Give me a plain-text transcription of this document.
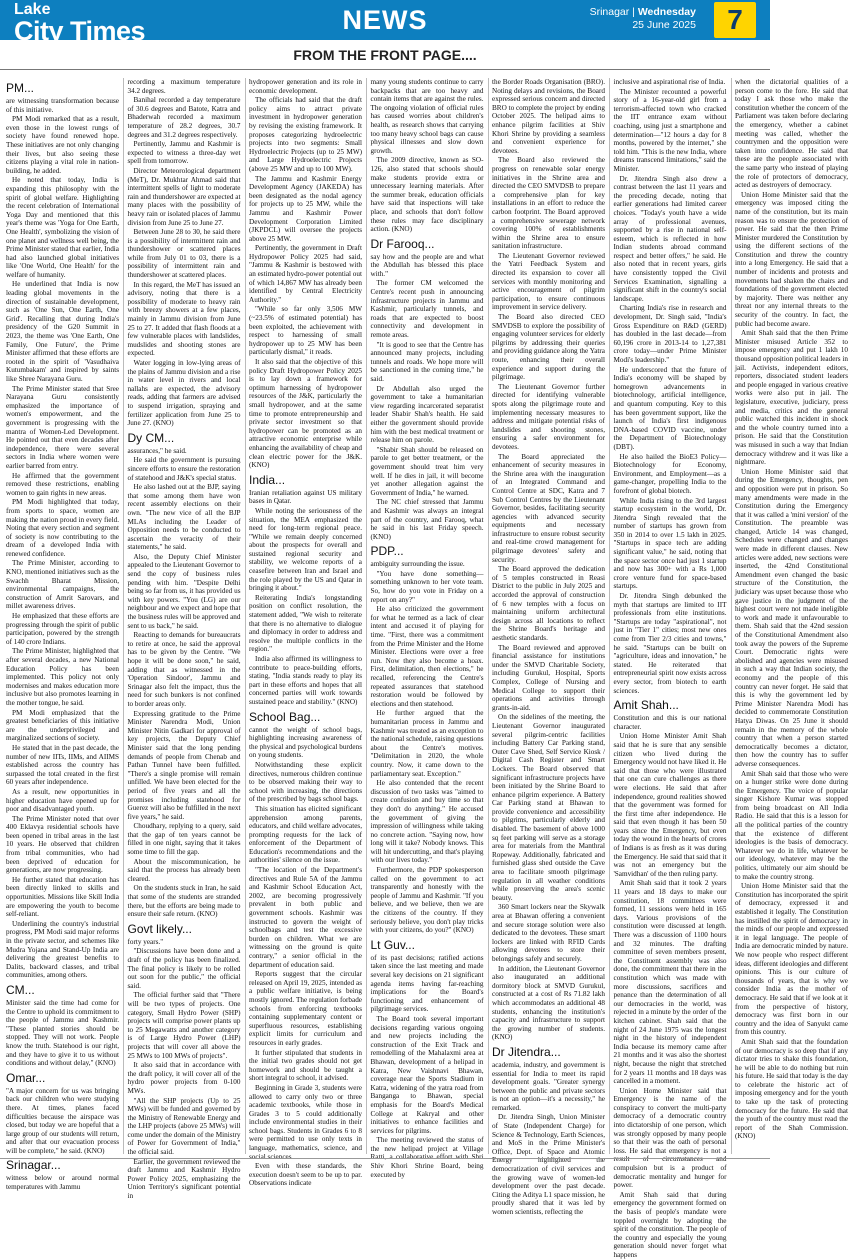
Lake
City Times	NEWS	Srinagar | Wednesday
25 June 2025	7
FROM THE FRONT PAGE....
PM...

are witnessing transformation because of this initiative.

PM Modi remarked that as a result, even those in the lowest rungs of society have found renewed hope. These initiatives are not only changing their lives, but also seeing these citizens playing a vital role in nation-building, he added.

He noted that today, India is expanding this philosophy with the spirit of global welfare. Highlighting the recent celebration of International Yoga Day and mentioned that this year's theme was 'Yoga for One Earth, One Health', symbolizing the vision of one planet and wellness well being, the Prime Minister stated that earlier, India had also launched global initiatives like 'One World, One Health' for the welfare of humanity.

He underlined that India is now leading global movements in the direction of sustainable development, such as 'One Sun, One Earth, One Grid'. Recalling that during India's presidency of the G20 Summit in 2023, the theme was 'One Earth, One Family, One Future', the Prime Minister affirmed that these efforts are rooted in the spirit of 'Vasudhaiva Kutumbakam' and inspired by saints like Shree Narayana Guru.

The Prime Minister stated that Sree Narayana Guru consistently emphasized the importance of women's empowerment, and the government is progressing with the mantra of Women-Led Development. He pointed out that even decades after independence, there were several sectors in India where women were earlier barred from entry.

He affirmed that the government removed these restrictions, enabling women to gain rights in new areas.

PM Modi highlighted that today, from sports to space, women are making the nation proud in every field. Noting that every section and segment of society is now contributing to the dream of a developed India with renewed confidence.

The Prime Minister, according to KNO, mentioned initiatives such as the Swachh Bharat Mission, environmental campaigns, the construction of Amrit Sarovars, and millet awareness drives.

He emphasized that these efforts are progressing through the spirit of public participation, powered by the strength of 140 crore Indians.

The Prime Minister, highlighted that after several decades, a new National Education Policy has been implemented. This policy not only modernises and makes education more inclusive but also promotes learning in the mother tongue, he said.

PM Modi emphasized that the greatest beneficiaries of this initiative are the underprivileged and marginalized sections of society.

He stated that in the past decade, the number of new IITs, IIMs, and AIIMS established across the country has surpassed the total created in the first 60 years after independence.

As a result, new opportunities in higher education have opened up for poor and disadvantaged youth.

The Prime Minister noted that over 400 Eklavya residential schools have been opened in tribal areas in the last 10 years. He observed that children from tribal communities, who had been deprived of education for generations, are now progressing.

He further stated that education has been directly linked to skills and opportunities. Missions like Skill India are empowering the youth to become self-reliant.

Underlining the country's industrial progress, PM Modi said major reforms in the private sector, and schemes like Mudra Yojana and Stand-Up India are delivering the greatest benefits to Dalits, backward classes, and tribal communities, among others.

CM...

Minister said the time had come for the Centre to uphold its commitment to the people of Jammu and Kashmir. "These planted stories should be stopped. They will not work. People know the truth. Statehood is our right, and they have to give it to us without conditions and without delay," (KNO)

Omar...

"A major concern for us was bringing back our children who were studying there. At times, planes faced difficulties because the airspace was closed, but today we are hopeful that a large group of our students will return, and after that our evacuation process will be complete," he said. (KNO)

Srinagar...

witness below or around normal temperatures with Jammu

recording a maximum temperature 34.2 degrees.

Banihal recorded a day temperature of 30.6 degrees and Batote, Katra and Bhaderwah recorded a maximum temperature of 28.2 degrees, 30.7 degrees and 31.2 degrees respectively.

Pertinently, Jammu and Kashmir is expected to witness a three-day wet spell from tomorrow.

Director Meteorological department (MeT), Dr. Mukhtar Ahmad said that intermittent spells of light to moderate rain and thundershower are expected at many places with the possibility of heavy rain or isolated places of Jammu division from June 25 to June 27.

Between June 28 to 30, he said there is a possibility of intermittent rain and thundershower or scattered places while from July 01 to 03, there is a possibility of intermittent rain and thundershower at scattered places.

In this regard, the MeT has issued an advisory, noting that there is a possibility of moderate to heavy rain with breezy showers at a few places, mainly in Jammu division from June 25 to 27. It added that flash floods at a few vulnerable places with landslides, mudslides and shooting stones are expected.

Water logging in low-lying areas of the plains of Jammu division and a rise in water level in rivers and local nallahs are expected, the advisory reads, adding that farmers are advised to suspend irrigation, spraying and fertilizer application from June 25 to June 27. (KNO)

Dy CM...

assurances," he said.

He said the government is pursuing sincere efforts to ensure the restoration of statehood and J&K's special status.

He also lashed out at the BJP, saying that some among them have won recent assembly elections on their own. "The new vice of all the BJP MLAs including the Leader of Opposition needs to be conducted to ascertain the veracity of their statements," he said.

Also, the Deputy Chief Minister appealed to the Lieutenant Governor to send the copy of business rules pending with him. "Despite Delhi being so far from us, it has provided us with key powers. "You (LG) are our neighbour and we expect and hope that the business rules will be approved and sent to us back," he said.

Reacting to demands for bureaucrats to retire at once, he said the approval has to be given by the Centre. "We hope it will be done soon," he said, adding that as witnessed in the 'Operation Sindoor', Jammu and Srinagar also felt the impact, thus the need for such bunkers is not confined to border areas only.

Expressing gratitude to the Prime Minister Narendra Modi, Union Minister Nitin Gadkari for approval of key projects, the Deputy Chief Minister said that the long pending demands of people from Chenab and Pathan Tunnel have been fulfilled. "There's a single promise will remain unfilled. We have been elected for the period of five years and all the promises including statehood for Guerez will also be fulfilled in the next five years," he said.

Choudhary, replying to a query, said that the gap of ten years cannot be filled in one night, saying that it takes some time to fill the gap.

About the miscommunication, he said that the process has already been cleared.

On the students stuck in Iran, he said that some of the students are stranded there, but the efforts are being made to ensure their safe return. (KNO)

Govt likely...

forty years."

"Discussions have been done and a draft of the policy has been finalized. The final policy is likely to be rolled out soon for the public," the official said.

The official further said that "There will be two types of projects. One category, Small Hydro Power (SHP) projects will comprise power plants up to 25 Megawatts and another category is of Large Hydro Power (LHP) projects that will cover all above the 25 MWs to 100 MWs of projects".

It also said that in accordance with the draft policy, it will cover all of the hydro power projects from 0-100 MWs.

"All the SHP projects (Up to 25 MWs) will be funded and governed by the Ministry of Renewable Energy and the LHP projects (above 25 MWs) will come under the domain of the Ministry of Power for Government of India," the official said.

Earlier, the government reviewed the draft Jammu and Kashmir Hydro Power Policy 2025, emphasizing the Union Territory's significant potential in

hydropower generation and its role in economic development.

The officials had said that the draft policy aims to attract private investment in hydropower generation by revising the existing framework. It proposes categorizing hydroelectric projects into two segments: Small Hydroelectric Projects (up to 25 MW) and Large Hydroelectric Projects (above 25 MW and up to 100 MW).

The Jammu and Kashmir Energy Development Agency (JAKEDA) has been designated as the nodal agency for projects up to 25 MW, while the Jammu and Kashmir Power Development Corporation Limited (JKPDCL) will oversee the projects above 25 MW.

Pertinently, the government in Draft Hydropower Policy 2025 had said, "Jammu & Kashmir is bestowed with an estimated hydro-power potential out of which 14,867 MW has already been identified by Central Electricity Authority."

"While so far only 3,506 MW (~23.5% of estimated potential) has been exploited, the achievement with respect to harnessing of small hydropower up to 25 MW has been particularly dismal," it reads.

It also said that the objective of this policy Draft Hydropower Policy 2025 is to lay down a framework for optimum harnessing of hydropower resources of the J&K, particularly the small hydropower, and at the same time to promote entrepreneurship and private sector investment so that hydropower can be promoted as an attractive economic enterprise while enhancing the availability of cheap and clean electric power for the J&K. (KNO)

India...

Iranian retaliation against US military bases in Qatar.

While noting the seriousness of the situation, the MEA emphasized the need for long-term regional peace. "While we remain deeply concerned about the prospects for overall and sustained regional security and stability, we welcome reports of a ceasefire between Iran and Israel and the role played by the US and Qatar in bringing it about."

Reiterating India's longstanding position on conflict resolution, the statement added, "We wish to reiterate that there is no alternative to dialogue and diplomacy in order to address and resolve the multiple conflicts in the region."

India also affirmed its willingness to contribute to peace-building efforts, stating, "India stands ready to play its part in these efforts and hopes that all concerned parties will work towards sustained peace and stability." (KNO)

School Bag...

cannot the weight of school bags, highlighting increasing awareness of the physical and psychological burdens on young students.

Notwithstanding these explicit directives, numerous children continue to be observed making their way to school with increasing, the directions of the prescribed by bags school bags.

This situation has elicited significant apprehension among parents, educators, and child welfare advocates, prompting requests for the lack of enforcement of the Department of Education's recommendations and the authorities' silence on the issue.

"The location of the Department's directives and Rule 5A of the Jammu and Kashmir School Education Act, 2002, are becoming progressively prevalent in both public and government schools. Kashmir was instructed to govern the weight of schoolbags and test the excessive burden on children. What we are witnessing on the ground is quite contrary," a senior official in the department of education said.

Reports suggest that the circular released on April 19, 2025, intended as a public welfare initiative, is being mostly ignored. The regulation forbade schools from enforcing textbooks containing supplementary content or superfluous resources, establishing explicit limits for curriculum and resources in early grades.

It further stipulated that students in the initial two grades should not get homework and should be taught a short integral to school, it advised.

Beginning in Grade 3, students were allowed to carry only two or three academic textbooks, while those in Grades 3 to 5 could additionally include environmental studies in their school bags. Students in Grades 6 to 8 were permitted to use only texts in language, mathematics, science, and social sciences.

Even with these standards, the execution doesn't seem to be up to par. Observations indicate

many young students continue to carry backpacks that are too heavy and contain items that are against the rules. The ongoing violation of official rules has caused worries about children's health, as research shows that carrying too many heavy school bags can cause physical illnesses and slow down growth.

The 2009 directive, known as SO-126, also stated that schools should make students provide extra or unnecessary learning materials. After the summer break, education officials have said that inspections will take place, and schools that don't follow these rules may face disciplinary action. (KNO)

Dr Farooq...

say how and the people are and what the Abdullah has blessed this place with."

The former CM welcomed the Centre's recent push in announcing infrastructure projects in Jammu and Kashmir, particularly tunnels, and roads that are expected to boost connectivity and development in remote areas.

"It is good to see that the Centre has announced many projects, including tunnels and roads. We hope more will be sanctioned in the coming time," he said.

Dr Abdullah also urged the government to take a humanitarian view regarding incarcerated separatist leader Shabir Shah's health. He said either the government should provide him with the best medical treatment or release him on parole.

"Shabir Shah should be released on parole to get better treatment, or the government should treat him very well. If he dies in jail, it will become yet another allegation against the Government of India," he warned.

The NC chief stressed that Jammu and Kashmir was always an integral part of the country, and Farooq, what he said in his last Friday speech. (KNO)

PDP...

ambiguity surrounding the issue.

"You have done something—something unknown to her vote team. So, how do you vote in Friday on a report on any?"

He also criticized the government for what he termed as a lack of clear intent and accused it of playing for time. "First, there was a commitment from the Prime Minister and the Home Minister. Elections were over a free run. Now they also become a hoax. First, delimitation, then elections," he recalled, referencing the Centre's repeated assurances that statehood restoration would be followed by elections and then statehood.

He further argued that the humanitarian process in Jammu and Kashmir was treated as an exception to the national schedule, raising questions about the Centre's motives. "Delimitation in 2020, the whole country. Now, it came down to the parliamentary seat. Exception."

He also contended that the recent discussion of two tasks was "aimed to create confusion and buy time so that they don't do anything." He accused the government of giving the impression of willingness while taking no concrete action. "Saying now, how long will it take? Nobody knows. This will hit undercutting, and that's playing with our lives today."

Furthermore, the PDP spokesperson called on the government to act transparently and honestly with the people of Jammu and Kashmir. "If you believe, and we believe, then we are the citizens of the country. If they seriously believe, you don't play tricks with your citizens, do you?" (KNO)

Lt Guv...

of its past decisions; ratified actions taken since the last meeting and made several key decisions on 21 significant agenda items having far-reaching implications for the Board's functioning and enhancement of pilgrimage services.

The Board took several important decisions regarding various ongoing and new projects including the construction of the Exit Track and remodelling of the Mahalaxmi area at Bhawan, development of a helipad in Katra, New Vaishnavi Bhawan, coverage near the Sports Stadium in Katra, widening of the yatra road from Banganga to Bhawan, special emphasis for the Board's Medical College at Kakryal and other initiatives to enhance facilities and services for pilgrims.

The meeting reviewed the status of the new helipad project at Village Ratti, a collaborative effort with Shri Shiv Khori Shrine Board, being executed by

the Border Roads Organisation (BRO). Noting delays and revisions, the Board expressed serious concern and directed BRO to complete the project by ending October 2025. The helipad aims to enhance pilgrim facilities at Shiv Khori Shrine by providing a seamless and convenient experience for devotees.

The Board also reviewed the progress on renewable solar energy initiatives in the Shrine area and directed the CEO SMVDSB to prepare a comprehensive plan for key installations in an effort to reduce the carbon footprint. The Board approved a comprehensive sewerage network covering 100% of establishments within the Shrine area to ensure sanitation infrastructure.

The Lieutenant Governor reviewed the Yatri Feedback System and directed its expansion to cover all services with monthly monitoring and active encouragement of pilgrim participation, to ensure continuous improvement in service delivery.

The Board also directed CEO SMVDSB to explore the possibility of engaging volunteer services for elderly pilgrims by addressing their queries and providing guidance along the Yatra route, enhancing their overall experience and support during the pilgrimage.

The Lieutenant Governor further directed for identifying vulnerable spots along the pilgrimage route and implementing necessary measures to address and mitigate potential risks of landslides and shooting stones, ensuring a safer environment for devotees.

The Board appreciated the enhancement of security measures in the Shrine area with the inauguration of an Integrated Command and Control Centre at SDC, Katra and 7 Sub Control Centres by the Lieutenant Governor, besides, facilitating security agencies with advanced security equipments and necessary infrastructure to ensure robust security and real-time crowd management for pilgrimage devotees' safety and security.

The Board approved the dedication of 5 temples constructed in Reasi District to the public in July 2025 and accorded the approval of construction of 6 new temples with a focus on maintaining uniform architectural design across all locations to reflect the Shrine Board's heritage and aesthetic standards.

The Board reviewed and approved financial assistance for institutions under the SMVD Charitable Society, including Gurukul, Hospital, Sports Complex, College of Nursing and Medical College to support their operations and activities through grants-in-aid.

On the sidelines of the meeting, the Lieutenant Governor inaugurated several pilgrim-centric facilities including Battery Car Parking stand, Outer Cave Shed, Self Service Kiosk / Digital Cash Register and Smart Lockers. The Board observed that significant infrastructure projects have been initiated by the Shrine Board to enhance pilgrim experience. A Battery Car Parking stand at Bhawan to provide convenience and accessibility to pilgrims, particularly elderly and disabled. The basement of above 1000 sq feet parking will serve as a storage area for materials from the Manthral Ropeway. Additionally, fabricated and furnished glass shed outside the Cave area to facilitate smooth pilgrimage regulation in all weather conditions while preserving the area's scenic beauty.

360 Smart lockers near the Skywalk area at Bhawan offering a convenient and secure storage solution were also dedicated to the devotees. These smart lockers are linked with RFID Cards allowing devotees to store their belongings safely and securely.

In addition, the Lieutenant Governor also inaugurated an additional dormitory block at SMVD Gurukul, constructed at a cost of Rs 71.82 lakh which accommodates an additional 48 students, enhancing the institution's capacity and infrastructure to support the growing number of students. (KNO)

Dr Jitendra...

academia, industry, and government is essential for India to meet its rapid development goals. "Greater synergy between the public and private sectors is not an option—it's a necessity," he remarked.

Dr. Jitendra Singh, Union Minister of State (Independent Charge) for Science & Technology, Earth Sciences, and MoS in the Prime Minister's Office, Dept. of Space and Atomic Energy highlighted the democratization of civil services and the growing wave of women-led development over the past decade. Citing the Aditya L1 space mission, he proudly shared that it was led by women scientists, reflecting the

inclusive and aspirational rise of India.

The Minister recounted a powerful story of a 16-year-old girl from a terrorism-affected town who cracked the IIT entrance exam without coaching, using just a smartphone and determination—"12 hours a day for 8 months, powered by the internet," she told him. "This is the new India, where dreams transcend limitations," said the Minister.

Dr. Jitendra Singh also drew a contrast between the last 11 years and the preceding decade, noting that earlier generations had limited career choices. "Today's youth have a wide array of professional avenues, supported by a rise in national self-esteem, which is reflected in how Indian students abroad command respect and better offers," he said. He also noted that in recent years, girls have consistently topped the Civil Services Examination, signalling a significant shift in the country's social landscape.

Charting India's rise in research and development, Dr. Singh said, "India's Gross Expenditure on R&D (GERD) has doubled in the last decade—from 60,196 crore in 2013-14 to 1,27,381 crore today—under Prime Minister Modi's leadership."

He underscored that the future of India's economy will be shaped by homegrown advancements in biotechnology, artificial intelligence, and quantum computing. Key to this has been government support, like the launch of India's first indigenous DNA-based COVID vaccine, under the Department of Biotechnology (DBT).

He also hailed the BioE3 Policy—Biotechnology for Economy, Environment, and Employment—as a game-changer, propelling India to the forefront of global biotech.

While India rising to the 3rd largest startup ecosystem in the world, Dr. Jitendra Singh revealed that the number of startups has grown from 350 in 2014 to over 1.5 lakh in 2025. "Startups in space tech are adding significant value," he said, noting that the space sector once had just 1 startup and now has 300+ with a Rs 1,000 crore venture fund for space-based startups.

Dr. Jitendra Singh debunked the myth that startups are limited to IIT professionals from elite institutions. "Startups are today "aspirational", not just in "Tier 1" cities; most new ones come from Tier 2/3 cities and towns," he said. "Startups can be built on "agriculture, ideas and innovation," he stated. He reiterated that entrepreneurial spirit now exists across every sector, from biotech to earth sciences.

Amit Shah...

Constitution and this is our national character.

Union Home Minister Amit Shah said that he is sure that any sensible citizen who lived during the Emergency would not have liked it. He said that those who were illustrated that one can cure challenges as there were elections. He said that after independence, ground realities showed that the government was formed for the first time after independence. He said that even though it has been 50 years since the Emergency, but even today the wound in the hearts of crores of Indians is as fresh as it was during the Emergency. He said that said that it was not an emergency but the 'Samvidhan' of the then ruling party.

Amit Shah said that it took 2 years 11 years and 18 days to make our constitution, 18 committees were formed, 11 sessions were held in 165 days. Various provisions of the constitution were discussed at length. There was a discussion of 1100 hours and 32 minutes. The drafting committee of seven members present, the Constituent assembly was also done, the commitment that there in the constitution which was made with more discussions, sacrifices and penance than the determination of all our democracies in the world, was rejected in a minute by the order of the kitchen cabinet. Shah said that the night of 24 June 1975 was the longest night in the history of independent India because its memory came after 21 months and it was also the shortest night, because the night that stretched for 2 years 11 months and 18 days was cancelled in a moment.

Union Home Minister said that Emergency is the name of the conspiracy to convert the multi-party democracy of a democratic country into dictatorship of one person, which was strongly opposed by many people so that their was the oath of personal loss. He said that emergency is not a result of circumstances and compulsion but is a product of democratic mentality and hunger for power.

Amit Shah said that during emergency the government formed on the basis of people's mandate were toppled overnight by adopting the spirit of the constitution. The people of the country and especially the young generation should never forget what happens

when the dictatorial qualities of a person come to the fore. He said that today I ask those who make the constitution whether the concern of the Parliament was taken before declaring the emergency, whether a cabinet meeting was called, whether the countrymen and the opposition were taken into confidence. He said that these are the people associated with the same party who instead of playing the role of protectors of democracy, acted as destroyers of democracy.

Union Home Minister said that the emergency was imposed citing the name of the constitution, but its main reason was to ensure the protection of power. He said that the then Prime Minister murdered the Constitution by using the different sections of the Constitution and threw the country into a long Emergency. He said that a number of incidents and protests and movements had shaken the chairs and foundations of the government elected by majority. There was neither any threat nor any internal threats to the security of the country. In fact, the public had become aware.

Amit Shah said that the then Prime Minister misused Article 352 to impose emergency and put 1 lakh 10 thousand opposition political leaders in jail. Activists, independent editors, reporters, dissociated student leaders and people engaged in various creative works were also put in jail. The legislature, executive, judiciary, press and media, critics and the general public watched this incident in shock and the whole country turned into a prison. He said that the Constitution was misused in such a way that Indian democracy withdrew and it was like a nightmare.

Union Home Minister said that during the Emergency, thoughts, pen and opposition were put in prison. So many amendments were made in the Constitution during the Emergency that it was called a 'mini version' of the Constitution. The preamble was changed, Article 14 was changed, Schedules were changed and changes were made in different clauses. New articles were added, new sections were inserted, the 42nd Constitutional Amendment even changed the basic structure of the Constitution, the judiciary was upset because those who gave justice in the judgment of the highest court were not made ineligible to work and made it unfavourable to them. Shah said that the 42nd session of the Constitutional Amendment also took away the powers of the Supreme Court. Democratic rights were abolished and agencies were misused in such a way that Indian society, the economy and the people of this country can never forget. He said that this is why the government led by Prime Minister Narendra Modi has decided to commemorate Constitution Hatya Diwas. On 25 June it should remain in the memory of the whole country that when a person started democratically becomes a dictator, then how the country has to suffer adverse consequences.

Amit Shah said that those who were on a hunger strike were done during the Emergency. The voice of popular singer Kishore Kumar was stopped from being broadcast on All India Radio. He said that this is a lesson for all the political parties of the country that the existence of different ideologies is the basis of democracy. Whatever we do in life, whatever be our ideology, whatever may be the politics, ultimately our aim should be to make the country strong.

Union Home Minister said that the Constitution has incorporated the spirit of democracy, expressed it and established it legally. The Constitution has instilled the spirit of democracy in the minds of our people and expressed it in legal language. The people of India are democratic minded by nature. We now people who respect different ideas, different ideologies and different opinions. This is our culture of thousands of years, that is why we consider India as the mother of democracy. He said that if we look at it from the perspective of history, democracy was first born in our country and the idea of Sanyukt came from this country.

Amit Shah said that the foundation of our democracy is so deep that if any dictator tries to shake this foundation, he will be able to do nothing but ruin his future. He said that today is the day to celebrate the historic act of imposing emergency and for the youth to take up the task of protecting democracy for the future. He said that the youth of the country must read the report of the Shah Commission. (KNO)
